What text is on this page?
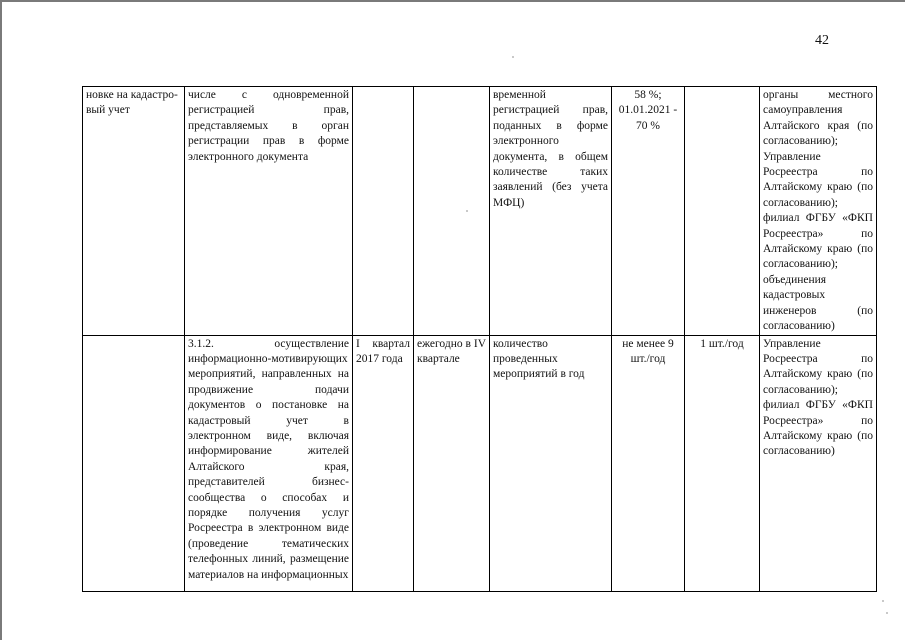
42
новке на кадастро-вый учет	числе с одновременной регистрацией прав, представляемых в орган регистрации прав в форме электронного документа			временной регистрацией прав, поданных в форме электронного документа, в общем количестве таких заявлений (без учета МФЦ)	58 %; 01.01.2021 - 70 %		органы местного самоуправления Алтайского края (по согласованию); Управление Росреестра по Алтайскому краю (по согласованию); филиал ФГБУ «ФКП Росреестра» по Алтайскому краю (по согласованию); объединения кадастровых инженеров (по согласованию)
	3.1.2. осуществление информационно-мотивирующих мероприятий, направленных на продвижение подачи документов о постановке на кадастровый учет в электронном виде, включая информирование жителей Алтайского края, представителей бизнес-сообщества о способах и порядке получения услуг Росреестра в электронном виде (проведение тематических телефонных линий, размещение материалов на информационных	I квартал 2017 года	ежегодно в IV квартале	количество проведенных мероприятий в год	не менее 9 шт./год	1 шт./год	Управление Росреестра по Алтайскому краю (по согласованию); филиал ФГБУ «ФКП Росреестра» по Алтайскому краю (по согласованию)
